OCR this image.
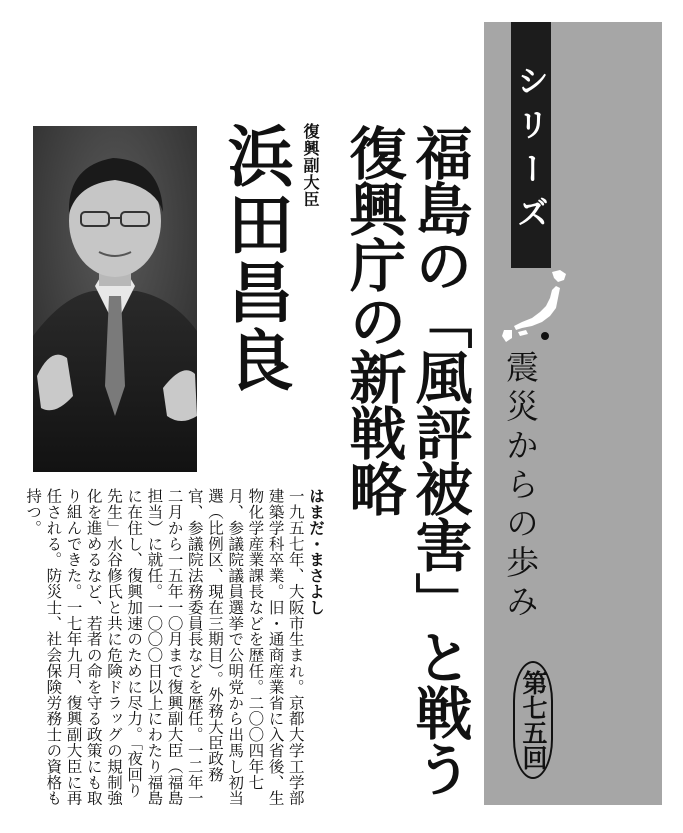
シリーズ
震災からの歩み
第七五回
福島の「風評被害」と戦う
復興庁の新戦略
復興副大臣
浜田昌良
はまだ・まさよし
一九五七年、大阪市生まれ。京都大学工学部建築学科卒業。旧・通商産業省に入省後、生物化学産業課長などを歴任。二〇〇四年七月、参議院議員選挙で公明党から出馬し初当選（比例区、現在三期目）。外務大臣政務官、参議院法務委員長などを歴任。一二年一二月から一五年一〇月まで復興副大臣（福島担当）に就任。一〇〇〇日以上にわたり福島に在住し、復興加速のために尽力。「夜回り先生」水谷修氏と共に危険ドラッグの規制強化を進めるなど、若者の命を守る政策にも取り組んできた。一七年九月、復興副大臣に再任される。防災士、社会保険労務士の資格も持つ。
